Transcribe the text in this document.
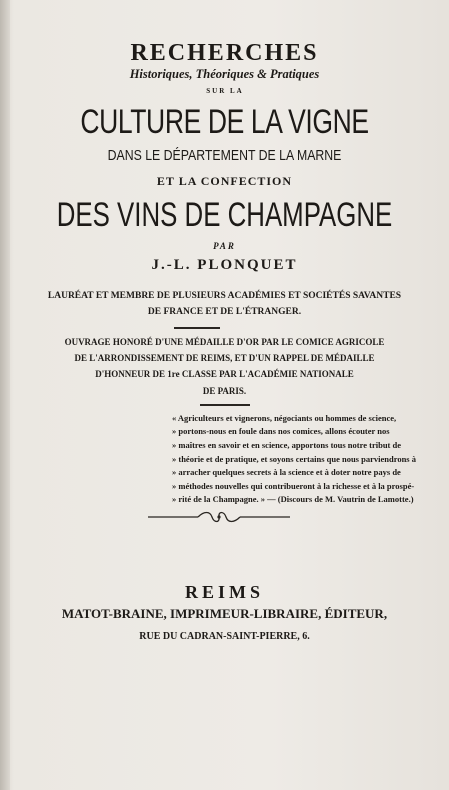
RECHERCHES
Historiques, Théoriques & Pratiques
SUR LA
CULTURE DE LA VIGNE
DANS LE DÉPARTEMENT DE LA MARNE
ET LA CONFECTION
DES VINS DE CHAMPAGNE
PAR
J.-L. PLONQUET
LAURÉAT ET MEMBRE DE PLUSIEURS ACADÉMIES ET SOCIÉTÉS SAVANTES
DE FRANCE ET DE L'ÉTRANGER.
OUVRAGE HONORÉ D'UNE MÉDAILLE D'OR PAR LE COMICE AGRICOLE
DE L'ARRONDISSEMENT DE REIMS, ET D'UN RAPPEL DE MÉDAILLE
D'HONNEUR DE 1re CLASSE PAR L'ACADÉMIE NATIONALE
DE PARIS.
« Agriculteurs et vignerons, négociants ou hommes de science,
» portons-nous en foule dans nos comices, allons écouter nos
» maîtres en savoir et en science, apportons tous notre tribut de
» théorie et de pratique, et soyons certains que nous parviendrons à
» arracher quelques secrets à la science et à doter notre pays de
» méthodes nouvelles qui contribueront à la richesse et à la prospé-
REIMS
MATOT-BRAINE, IMPRIMEUR-LIBRAIRE, ÉDITEUR,
RUE DU CADRAN-SAINT-PIERRE, 6.
» rité de la Champagne. » — (Discours de M. Vautrin de Lamotte.)
